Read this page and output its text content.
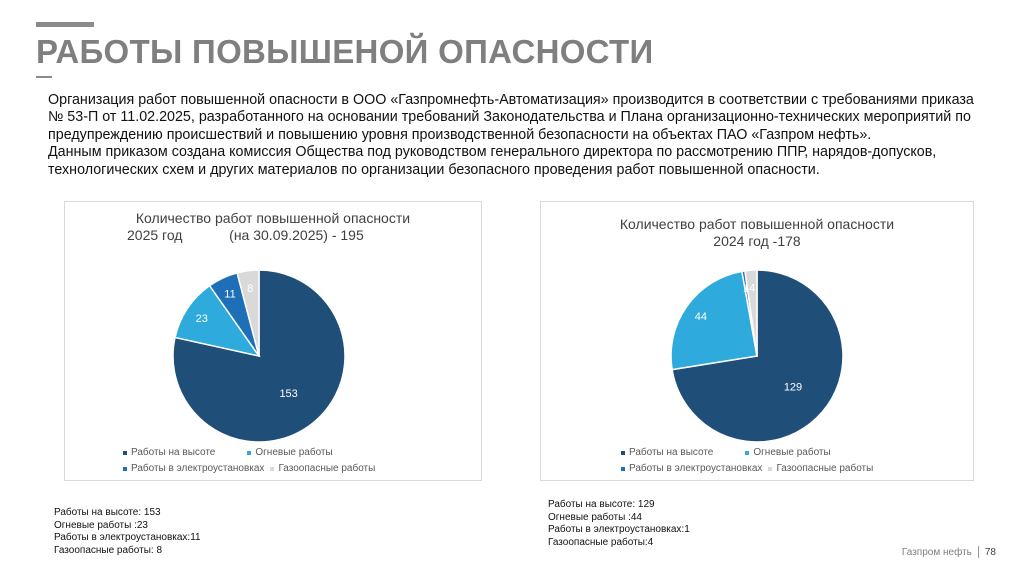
РАБОТЫ ПОВЫШЕНОЙ ОПАСНОСТИ

Организация работ повышенной опасности в ООО «Газпромнефть-Автоматизация» производится в соответствии с требованиями приказа № 53-П от 11.02.2025, разработанного на основании требований Законодательства и Плана организационно-технических мероприятий по предупреждению происшествий и повышению уровня производственной безопасности на объектах ПАО «Газпром нефть».

Данным приказом создана комиссия Общества под руководством генерального директора по рассмотрению ППР, нарядов-допусков, технологических схем и других материалов по организации безопасного проведения работ повышенной опасности.

Количество работ повышенной опасности
2025 год            (на 30.09.2025) - 195
153
23
11 8
Работы на высоте	Огневые работы
Работы в электроустановках Газоопасные работы
Количество работ повышенной опасности
2024 год -178
129
44
1 4
Работы на высоте	Огневые работы
Работы в электроустановках Газоопасные работы
Работы на высоте: 153
Огневые работы :23
Работы в электроустановках:11
Газоопасные работы: 8
Работы на высоте: 129
Огневые работы :44
Работы в электроустановках:1
Газоопасные работы:4
Газпром нефть 78
